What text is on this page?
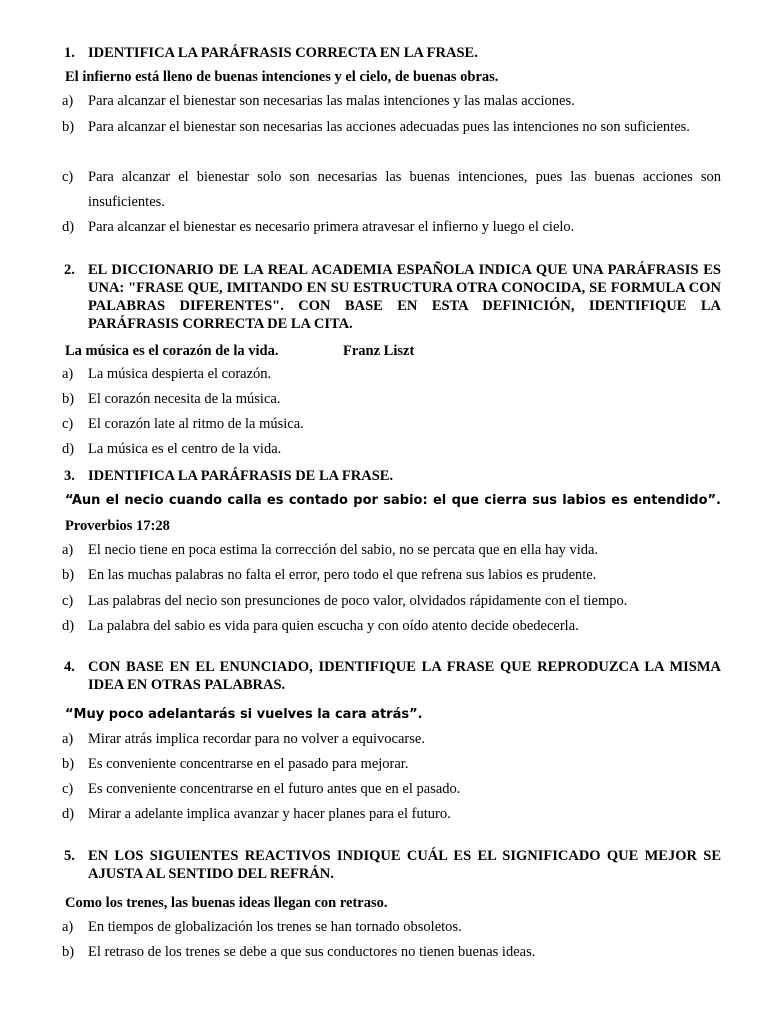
1. IDENTIFICA LA PARÁFRASIS CORRECTA EN LA FRASE.
El infierno está lleno de buenas intenciones y el cielo, de buenas obras.
a) Para alcanzar el bienestar son necesarias las malas intenciones y las malas acciones.
b) Para alcanzar el bienestar son necesarias las acciones adecuadas pues las intenciones no son suficientes.
c) Para alcanzar el bienestar solo son necesarias las buenas intenciones, pues las buenas acciones son insuficientes.
d) Para alcanzar el bienestar es necesario primera atravesar el infierno y luego el cielo.
2. EL DICCIONARIO DE LA REAL ACADEMIA ESPAÑOLA INDICA QUE UNA PARÁFRASIS ES UNA: "FRASE QUE, IMITANDO EN SU ESTRUCTURA OTRA CONOCIDA, SE FORMULA CON PALABRAS DIFERENTES". CON BASE EN ESTA DEFINICIÓN, IDENTIFIQUE LA PARÁFRASIS CORRECTA DE LA CITA.
La música es el corazón de la vida.	Franz Liszt
a) La música despierta el corazón.
b) El corazón necesita de la música.
c) El corazón late al ritmo de la música.
d) La música es el centro de la vida.
3. IDENTIFICA LA PARÁFRASIS DE LA FRASE.
“Aun el necio cuando calla es contado por sabio: el que cierra sus labios es entendido”.
Proverbios 17:28
a) El necio tiene en poca estima la corrección del sabio, no se percata que en ella hay vida.
b) En las muchas palabras no falta el error, pero todo el que refrena sus labios es prudente.
c) Las palabras del necio son presunciones de poco valor, olvidados rápidamente con el tiempo.
d) La palabra del sabio es vida para quien escucha y con oído atento decide obedecerla.
4. CON BASE EN EL ENUNCIADO, IDENTIFIQUE LA FRASE QUE REPRODUZCA LA MISMA IDEA EN OTRAS PALABRAS.
“Muy poco adelantarás si vuelves la cara atrás”.
a) Mirar atrás implica recordar para no volver a equivocarse.
b) Es conveniente concentrarse en el pasado para mejorar.
c) Es conveniente concentrarse en el futuro antes que en el pasado.
d) Mirar a adelante implica avanzar y hacer planes para el futuro.
5. EN LOS SIGUIENTES REACTIVOS INDIQUE CUÁL ES EL SIGNIFICADO QUE MEJOR SE AJUSTA AL SENTIDO DEL REFRÁN.
Como los trenes, las buenas ideas llegan con retraso.
a) En tiempos de globalización los trenes se han tornado obsoletos.
b) El retraso de los trenes se debe a que sus conductores no tienen buenas ideas.
